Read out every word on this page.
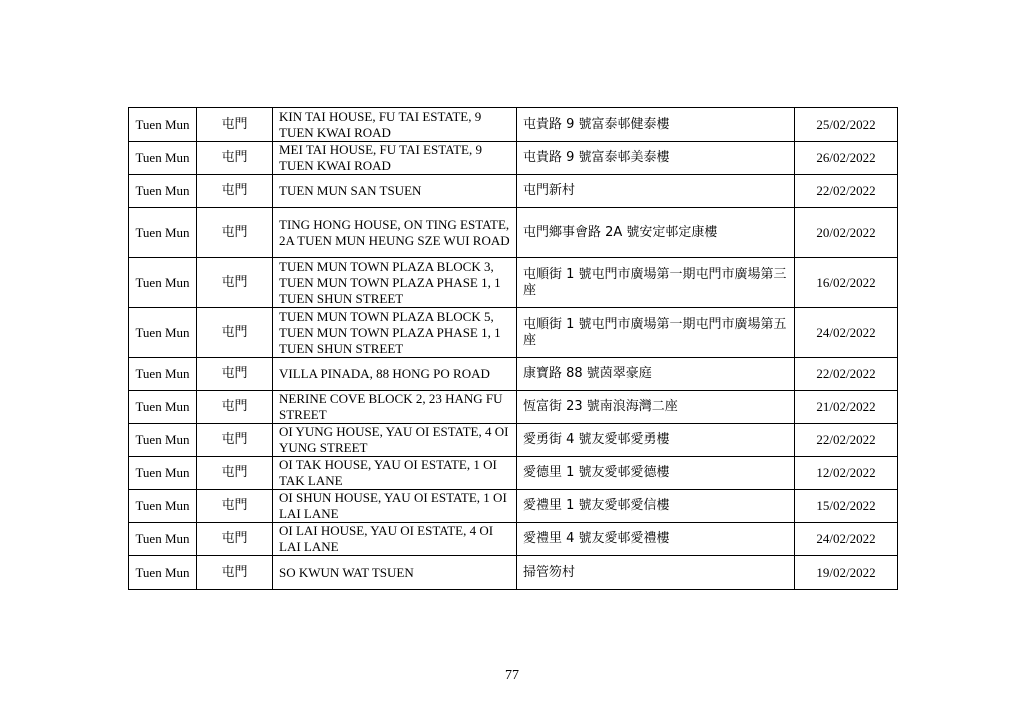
Tuen Mun	屯門	KIN TAI HOUSE, FU TAI ESTATE, 9 TUEN KWAI ROAD	屯貴路 9 號富泰邨健泰樓	25/02/2022
Tuen Mun	屯門	MEI TAI HOUSE, FU TAI ESTATE, 9 TUEN KWAI ROAD	屯貴路 9 號富泰邨美泰樓	26/02/2022
Tuen Mun	屯門	TUEN MUN SAN TSUEN	屯門新村	22/02/2022
Tuen Mun	屯門	TING HONG HOUSE, ON TING ESTATE, 2A TUEN MUN HEUNG SZE WUI ROAD	屯門鄉事會路 2A 號安定邨定康樓	20/02/2022
Tuen Mun	屯門	TUEN MUN TOWN PLAZA BLOCK 3, TUEN MUN TOWN PLAZA PHASE 1, 1 TUEN SHUN STREET	屯順街 1 號屯門市廣場第一期屯門市廣場第三座	16/02/2022
Tuen Mun	屯門	TUEN MUN TOWN PLAZA BLOCK 5, TUEN MUN TOWN PLAZA PHASE 1, 1 TUEN SHUN STREET	屯順街 1 號屯門市廣場第一期屯門市廣場第五座	24/02/2022
Tuen Mun	屯門	VILLA PINADA, 88 HONG PO ROAD	康寶路 88 號茵翠豪庭	22/02/2022
Tuen Mun	屯門	NERINE COVE BLOCK 2, 23 HANG FU STREET	恆富街 23 號南浪海灣二座	21/02/2022
Tuen Mun	屯門	OI YUNG HOUSE, YAU OI ESTATE, 4 OI YUNG STREET	愛勇街 4 號友愛邨愛勇樓	22/02/2022
Tuen Mun	屯門	OI TAK HOUSE, YAU OI ESTATE, 1 OI TAK LANE	愛德里 1 號友愛邨愛德樓	12/02/2022
Tuen Mun	屯門	OI SHUN HOUSE, YAU OI ESTATE, 1 OI LAI LANE	愛禮里 1 號友愛邨愛信樓	15/02/2022
Tuen Mun	屯門	OI LAI HOUSE, YAU OI ESTATE, 4 OI LAI LANE	愛禮里 4 號友愛邨愛禮樓	24/02/2022
Tuen Mun	屯門	SO KWUN WAT TSUEN	掃管笏村	19/02/2022
77
